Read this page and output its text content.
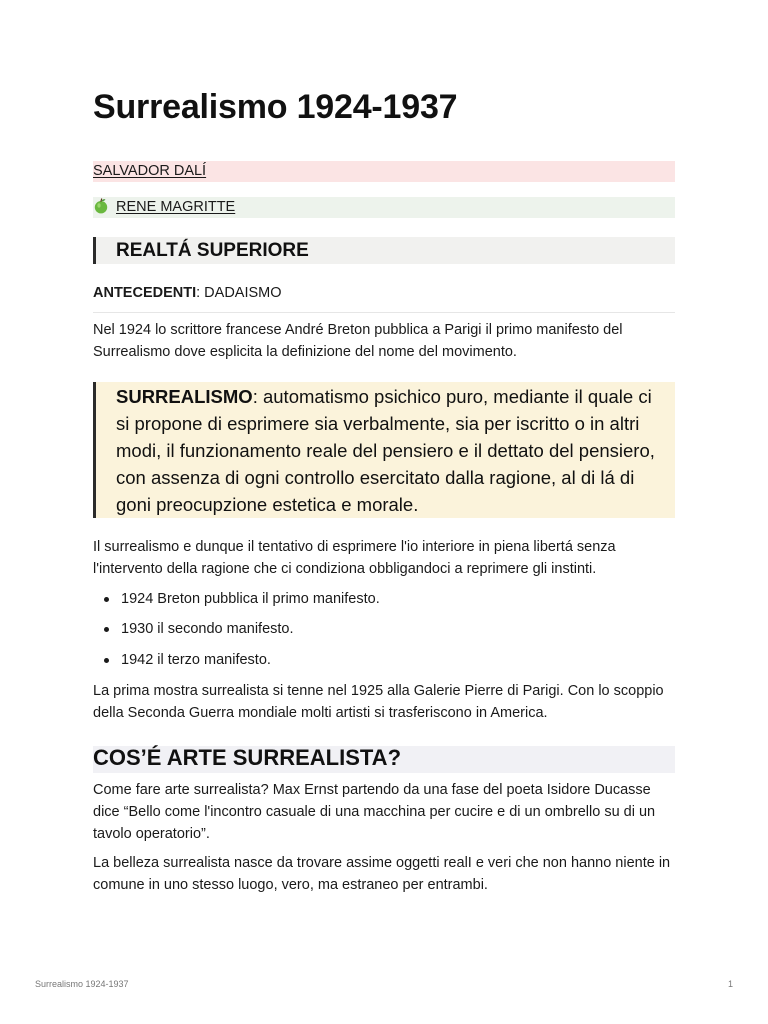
Surrealismo 1924-1937
SALVADOR DALÍ
RENE MAGRITTE
REALTÁ SUPERIORE
ANTECEDENTI: DADAISMO

Nel 1924 lo scrittore francese André Breton pubblica a Parigi il primo manifesto del Surrealismo dove esplicita la definizione del nome del movimento.

SURREALISMO: automatismo psichico puro, mediante il quale ci si propone di esprimere sia verbalmente, sia per iscritto o in altri modi, il funzionamento reale del pensiero e il dettato del pensiero, con assenza di ogni controllo esercitato dalla ragione, al di lá di goni preocupzione estetica e morale.

Il surrealismo e dunque il tentativo di esprimere l'io interiore in piena libertá senza l'intervento della ragione che ci condiziona obbligandoci a reprimere gli instinti.

1924 Breton pubblica il primo manifesto.
1930 il secondo manifesto.
1942 il terzo manifesto.

La prima mostra surrealista si tenne nel 1925 alla Galerie Pierre di Parigi. Con lo scoppio della Seconda Guerra mondiale molti artisti si trasferiscono in America.

COS’É ARTE SURREALISTA?

Come fare arte surrealista? Max Ernst partendo da una fase del poeta Isidore Ducasse dice “Bello come l'incontro casuale di una macchina per cucire e di un ombrello su di un tavolo operatorio”.

La belleza surrealista nasce da trovare assime oggetti realI e veri che non hanno niente in comune in uno stesso luogo, vero, ma estraneo per entrambi.

Surrealismo 1924-1937	1
